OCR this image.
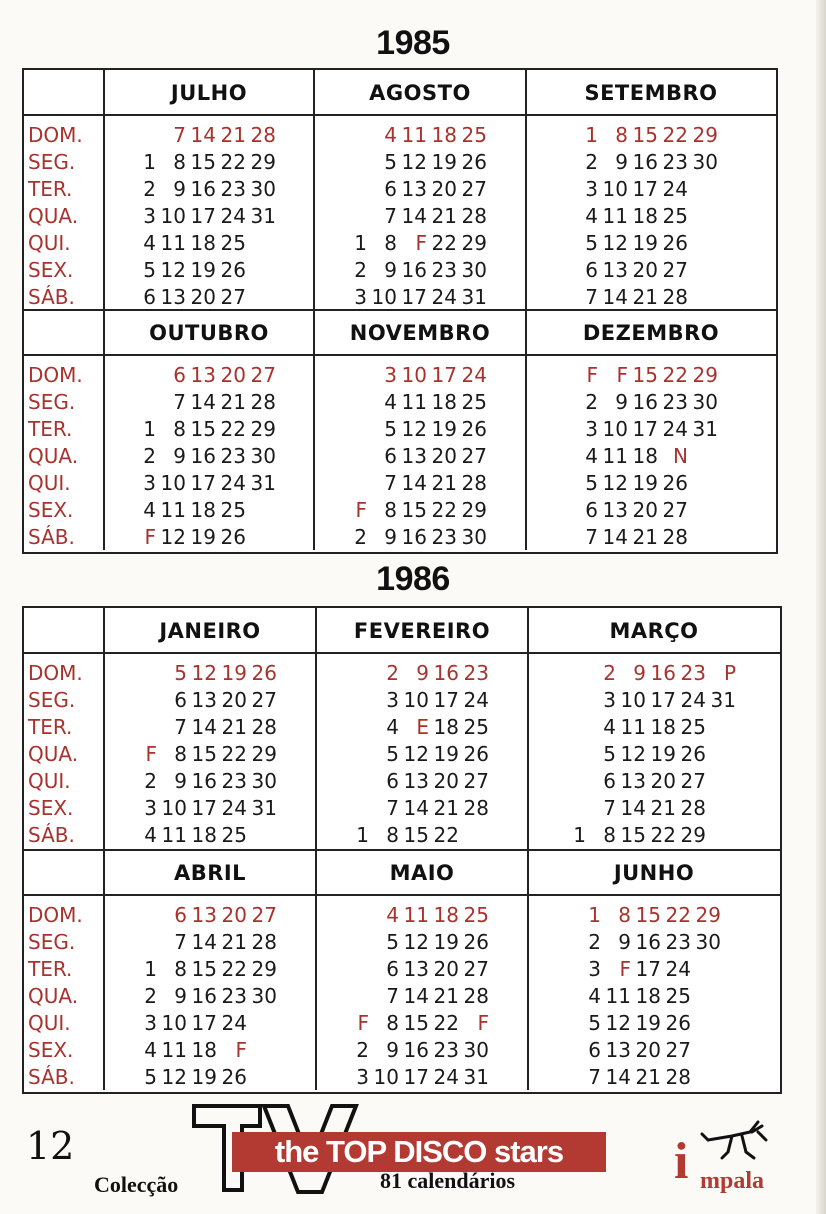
1985
DOM.
SEG.
TER.
QUA.
QUI.
SEX.
SÁB.
JULHO
1
2
3
4
5
6
7
8
9
10
11
12
13
14
15
16
17
18
19
20
21
22
23
24
25
26
27
28
29
30
31
AGOSTO
1
2
3
4
5
6
7
8
9
10
11
12
13
14
F
16
17
18
19
20
21
22
23
24
25
26
27
28
29
30
31
SETEMBRO
1
2
3
4
5
6
7
8
9
10
11
12
13
14
15
16
17
18
19
20
21
22
23
24
25
26
27
28
29
30
DOM.
SEG.
TER.
QUA.
QUI.
SEX.
SÁB.
OUTUBRO
1
2
3
4
F
6
7
8
9
10
11
12
13
14
15
16
17
18
19
20
21
22
23
24
25
26
27
28
29
30
31
NOVEMBRO
F
2
3
4
5
6
7
8
9
10
11
12
13
14
15
16
17
18
19
20
21
22
23
24
25
26
27
28
29
30
DEZEMBRO
F
2
3
4
5
6
7
F
9
10
11
12
13
14
15
16
17
18
19
20
21
22
23
24
N
26
27
28
29
30
31
1986
DOM.
SEG.
TER.
QUA.
QUI.
SEX.
SÁB.
JANEIRO
F
2
3
4
5
6
7
8
9
10
11
12
13
14
15
16
17
18
19
20
21
22
23
24
25
26
27
28
29
30
31
FEVEREIRO
1
2
3
4
5
6
7
8
9
10
E
12
13
14
15
16
17
18
19
20
21
22
23
24
25
26
27
28
MARÇO
1
2
3
4
5
6
7
8
9
10
11
12
13
14
15
16
17
18
19
20
21
22
23
24
25
26
27
28
29
P
31
DOM.
SEG.
TER.
QUA.
QUI.
SEX.
SÁB.
ABRIL
1
2
3
4
5
6
7
8
9
10
11
12
13
14
15
16
17
18
19
20
21
22
23
24
F
26
27
28
29
30
MAIO
F
2
3
4
5
6
7
8
9
10
11
12
13
14
15
16
17
18
19
20
21
22
23
24
25
26
27
28
F
30
31
JUNHO
1
2
3
4
5
6
7
8
9
F
11
12
13
14
15
16
17
18
19
20
21
22
23
24
25
26
27
28
29
30
12
Colecção
the TOP DISCO stars
81 calendários	i mpala
